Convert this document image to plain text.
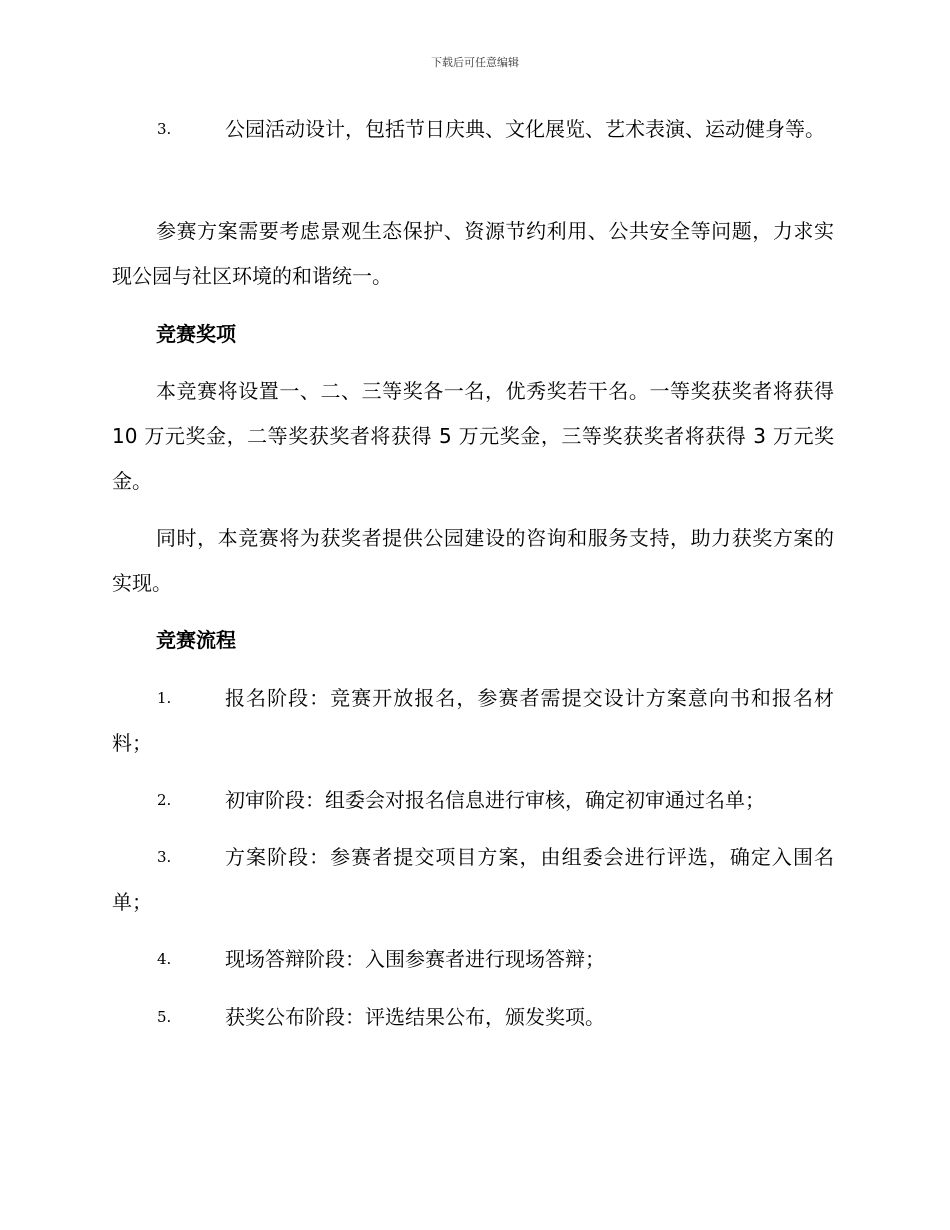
下载后可任意编辑
3.	公园活动设计，包括节日庆典、文化展览、艺术表演、运动健身等。
参赛方案需要考虑景观生态保护、资源节约利用、公共安全等问题，力求实现公园与社区环境的和谐统一。
竞赛奖项
本竞赛将设置一、二、三等奖各一名，优秀奖若干名。一等奖获奖者将获得 10 万元奖金，二等奖获奖者将获得 5 万元奖金，三等奖获奖者将获得 3 万元奖金。
同时，本竞赛将为获奖者提供公园建设的咨询和服务支持，助力获奖方案的实现。
竞赛流程
1.	报名阶段：竞赛开放报名，参赛者需提交设计方案意向书和报名材料；
2.	初审阶段：组委会对报名信息进行审核，确定初审通过名单；
3.	方案阶段：参赛者提交项目方案，由组委会进行评选，确定入围名单；
4.	现场答辩阶段：入围参赛者进行现场答辩；
5.	获奖公布阶段：评选结果公布，颁发奖项。
